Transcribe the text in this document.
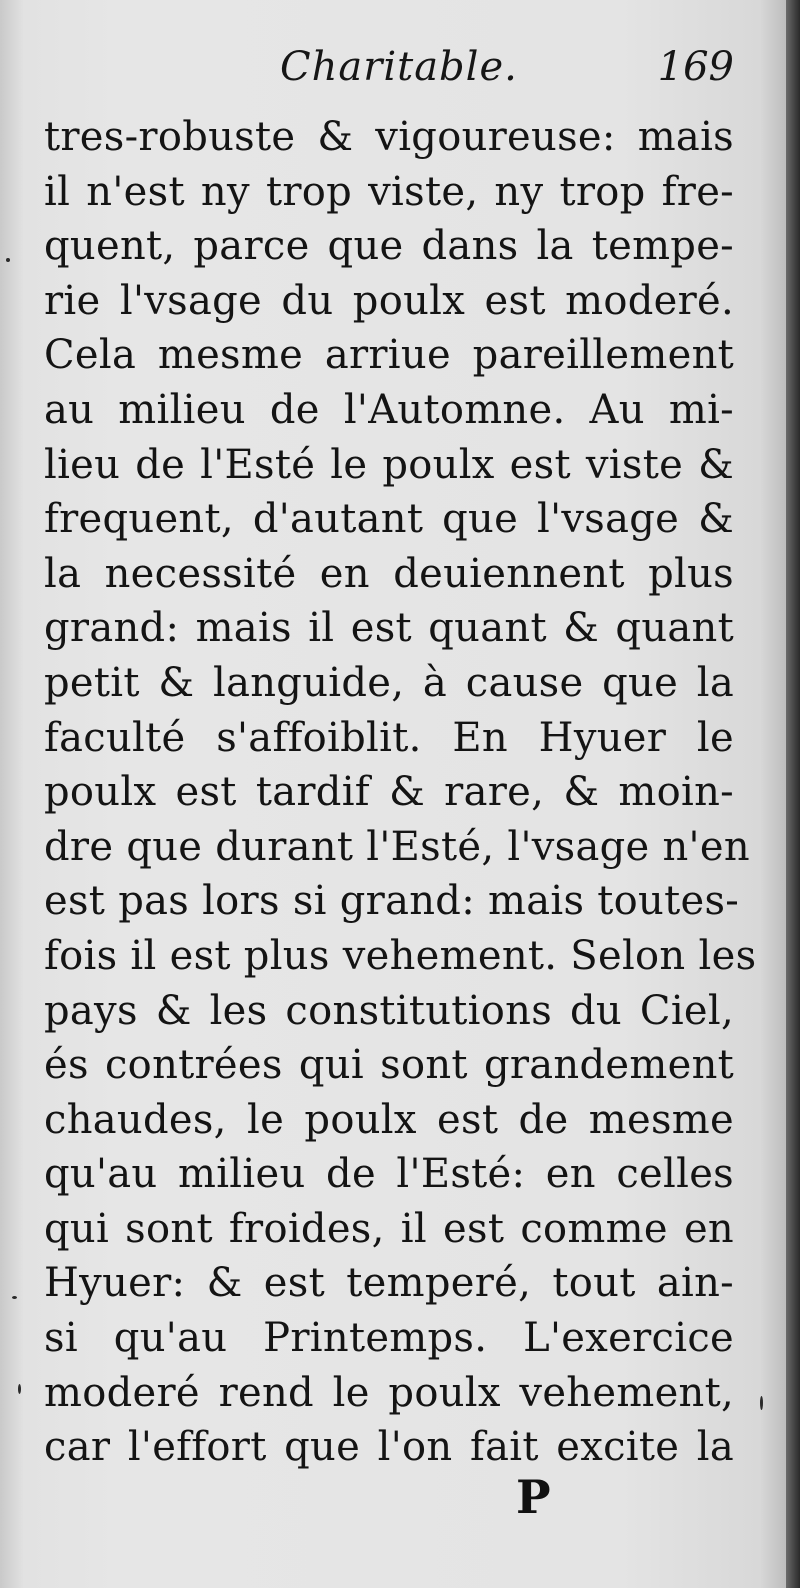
Charitable.	169
tres-robuste & vigoureuse: mais
il n'est ny trop viste, ny trop fre-
quent, parce que dans la tempe-
rie l'vsage du poulx est moderé.
Cela mesme arriue pareillement
au milieu de l'Automne. Au mi-
lieu de l'Esté le poulx est viste &
frequent, d'autant que l'vsage &
la necessité en deuiennent plus
grand: mais il est quant & quant
petit & languide, à cause que la
faculté s'affoiblit. En Hyuer le
poulx est tardif & rare, & moin-
dre que durant l'Esté, l'vsage n'en
est pas lors si grand: mais toutes-
fois il est plus vehement. Selon les
pays & les constitutions du Ciel,
és contrées qui sont grandement
chaudes, le poulx est de mesme
qu'au milieu de l'Esté: en celles
qui sont froides, il est comme en
Hyuer: & est temperé, tout ain-
si qu'au Printemps. L'exercice
moderé rend le poulx vehement,
car l'effort que l'on fait excite la
P
